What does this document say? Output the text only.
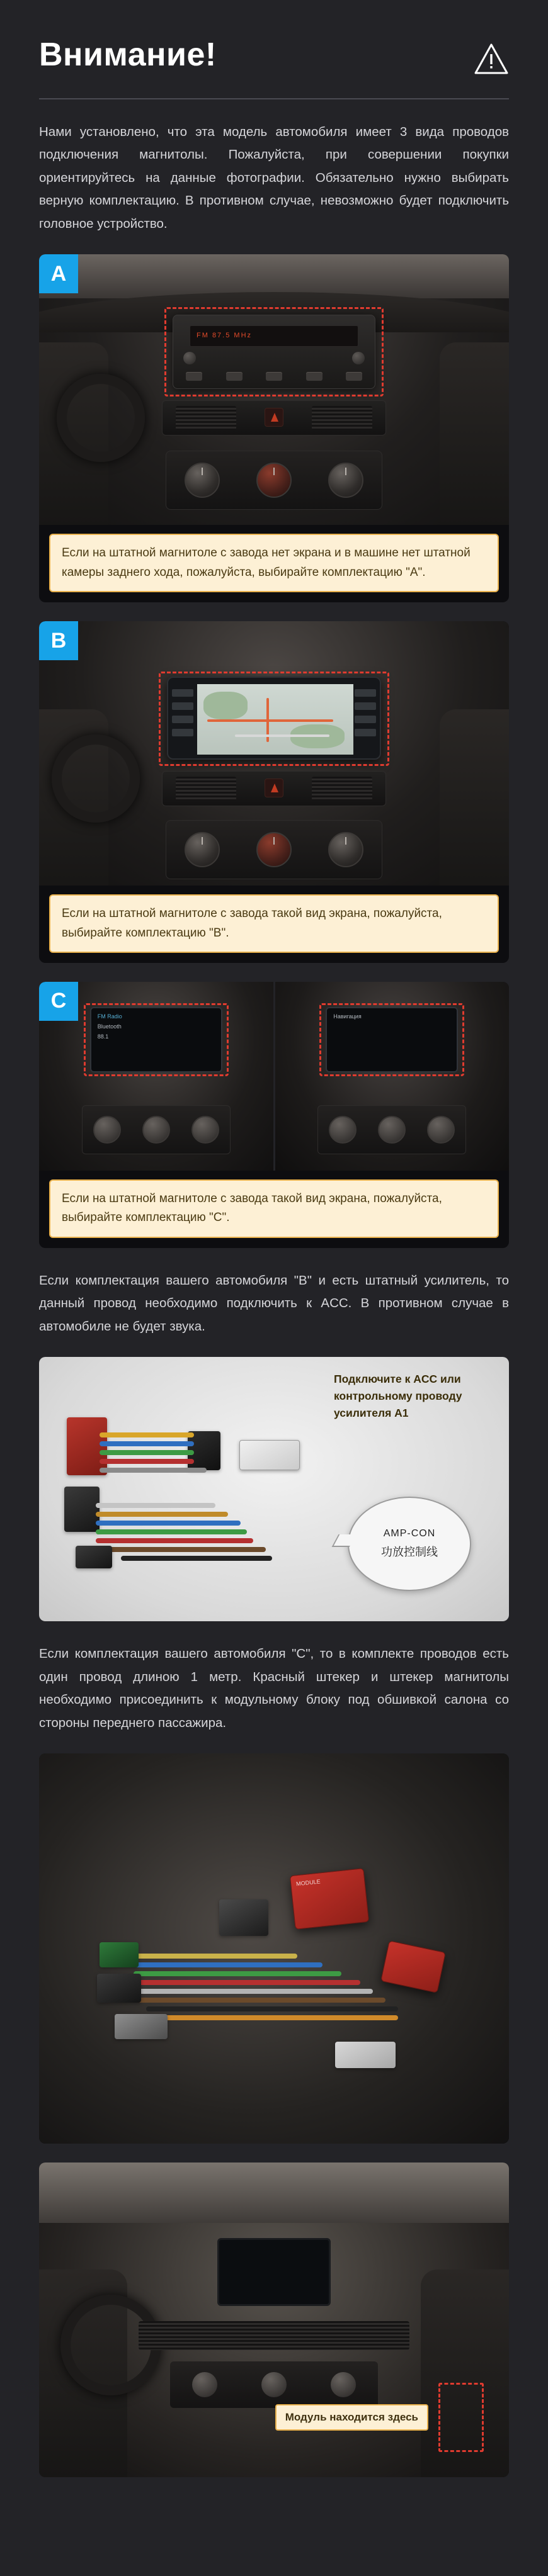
Внимание!

Нами установлено, что эта модель автомобиля имеет 3 вида проводов подключения магнитолы. Пожалуйста, при совершении покупки ориентируйтесь на данные фотографии. Обязательно нужно выбирать верную комплектацию. В противном случае, невозможно будет подключить головное устройство.

A
FM 87.5 MHz
Если на штатной магнитоле с завода нет экрана и в машине нет штатной камеры заднего хода, пожалуйста, выбирайте комплектацию "А".
B
Если на штатной магнитоле с завода такой вид экрана, пожалуйста, выбирайте комплектацию "B".
C
FM Radio
Bluetooth
88.1
Навигация
Если на штатной магнитоле с завода такой вид экрана, пожалуйста, выбирайте комплектацию "C".

Если комплектация вашего автомобиля "B" и есть штатный усилитель, то данный провод необходимо подключить к ACC. В противном случае в автомобиле не будет звука.

Подключите к ACC или контрольному проводу усилителя A1
AMP-CON
功放控制线

Если комплектация вашего автомобиля "C", то в комплекте проводов есть один провод длиною 1 метр. Красный штекер и штекер магнитолы необходимо присоединить к модульному блоку под обшивкой салона со стороны переднего пассажира.

MODULE
Модуль находится здесь
